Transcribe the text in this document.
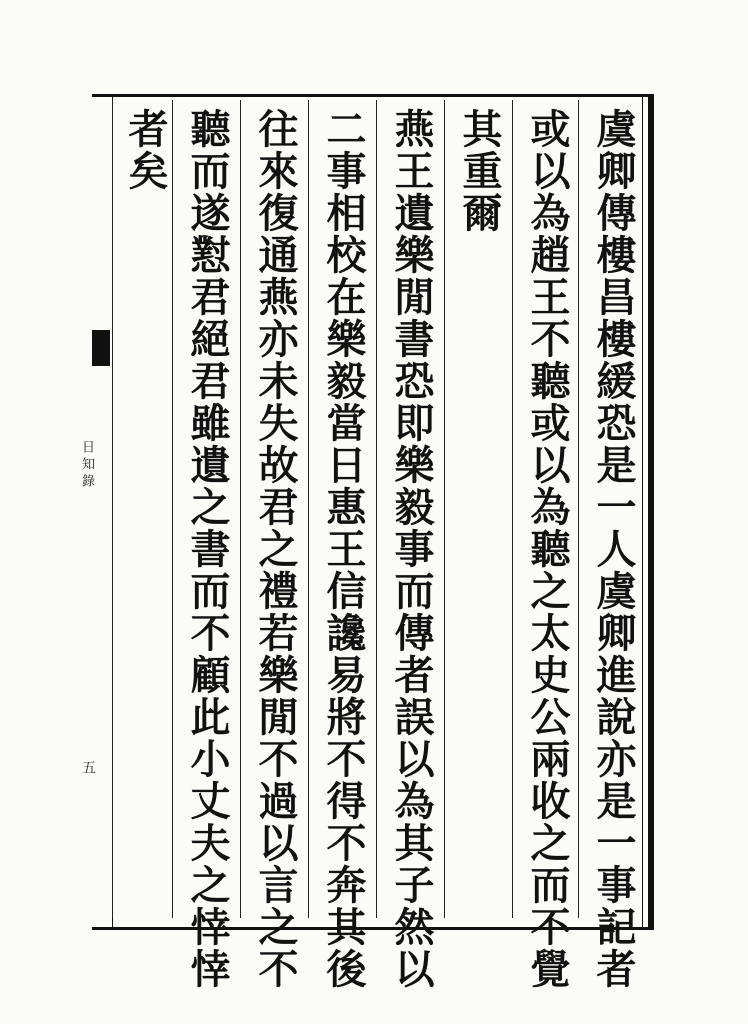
日知錄
五	虞卿傳樓昌樓緩恐是一人虞卿進說亦是一事記者
或以為趙王不聽或以為聽之太史公兩收之而不覺
其重爾
燕王遺樂閒書恐即樂毅事而傳者誤以為其子然以
二事相校在樂毅當日惠王信讒易將不得不奔其後
往來復通燕亦未失故君之禮若樂閒不過以言之不
聽而遂懟君絕君雖遺之書而不顧此小丈夫之悻悻
者矣
